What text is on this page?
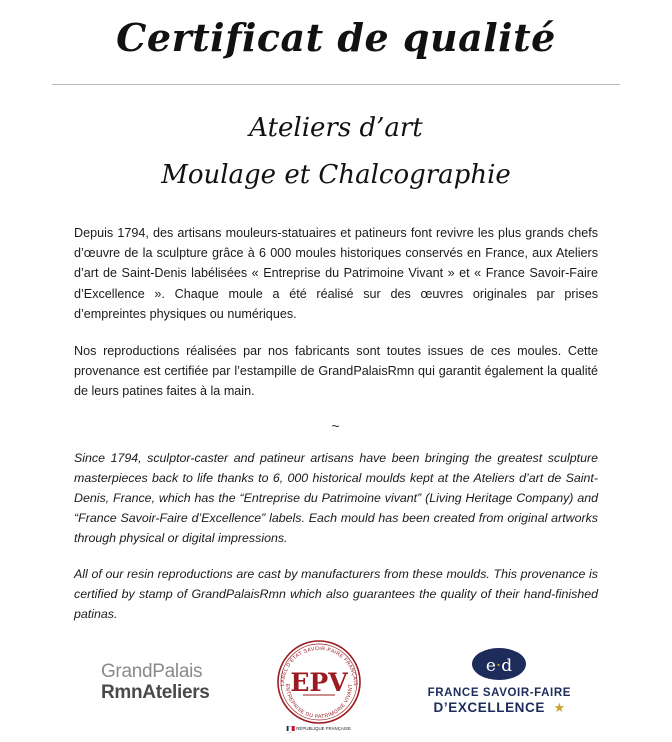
Certificat de qualité
Ateliers d’art
Moulage et Chalcographie

Depuis 1794, des artisans mouleurs-statuaires et patineurs font revivre les plus grands chefs d’œuvre de la sculpture grâce à 6 000 moules historiques conservés en France, aux Ateliers d’art de Saint-Denis labélisées « Entreprise du Patrimoine Vivant » et « France Savoir-Faire d’Excellence ». Chaque moule a été réalisé sur des œuvres originales par prises d’empreintes physiques ou numériques.

Nos reproductions réalisées par nos fabricants sont toutes issues de ces moules. Cette provenance est certifiée par l’estampille de GrandPalaisRmn qui garantit également la qualité de leurs patines faites à la main.

~

Since 1794, sculptor-caster and patineur artisans have been bringing the greatest sculpture masterpieces back to life thanks to 6, 000 historical moulds kept at the Ateliers d’art de Saint-Denis, France, which has the “Entreprise du Patrimoine vivant” (Living Heritage Company) and “France Savoir-Faire d’Excellence” labels. Each mould has been created from original artworks through physical or digital impressions.

All of our resin reproductions are cast by manufacturers from these moulds. This provenance is certified by stamp of GrandPalaisRmn which also guarantees the quality of their hand-finished patinas.

GrandPalais
RmnAteliers	LABEL D’ÉTAT SAVOIR-FAIRE FRANÇAIS
ENTREPRISE DU PATRIMOINE VIVANT
EPV
RÉPUBLIQUE FRANÇAISE
e·d
FRANCE SAVOIR-FAIRE
D’EXCELLENCE ★
